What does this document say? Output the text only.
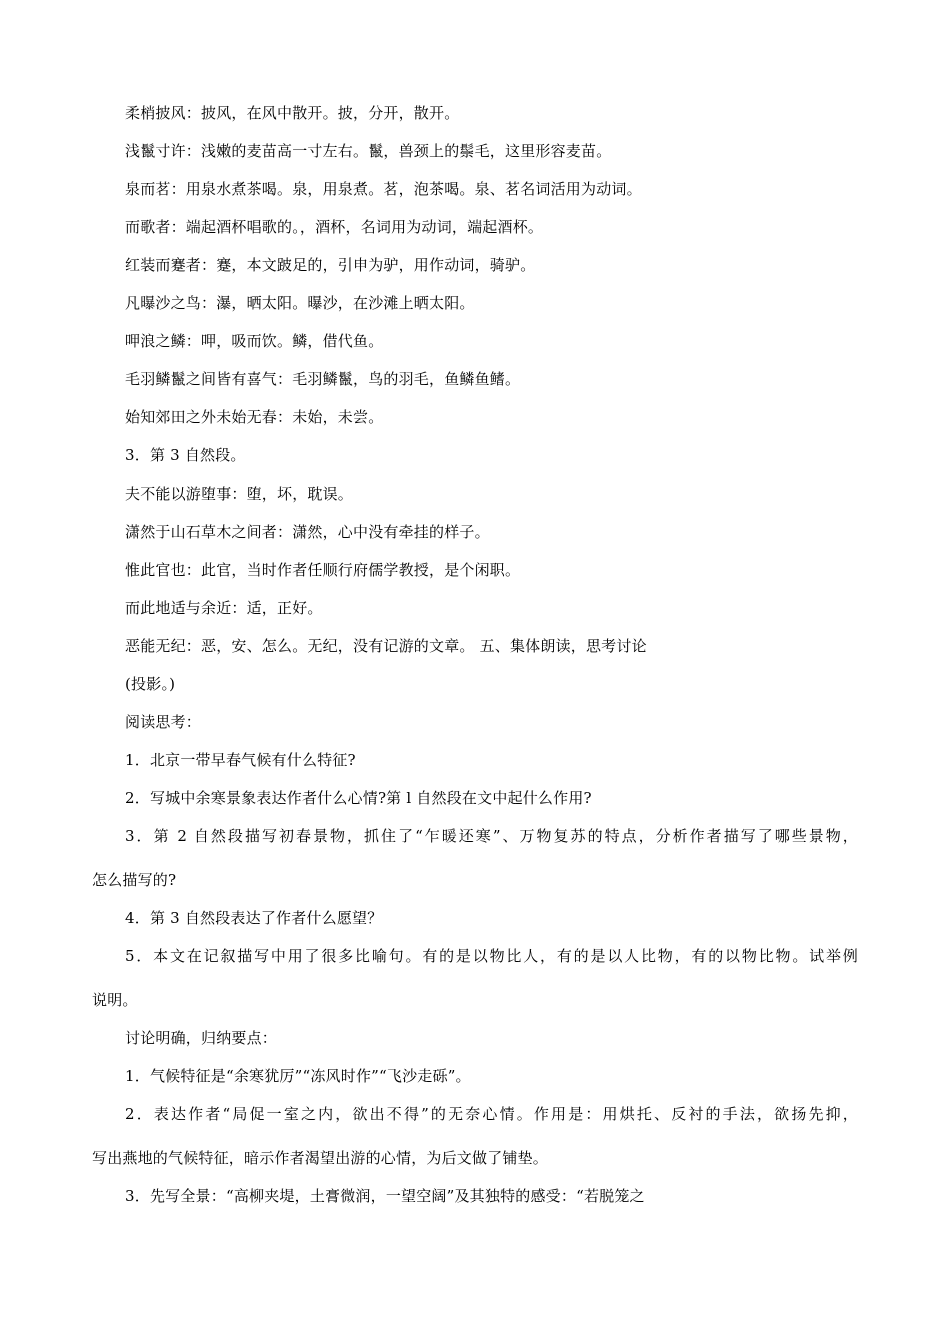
柔梢披风：披风，在风中散开。披，分开，散开。
浅鬣寸许：浅嫩的麦苗高一寸左右。鬣，兽颈上的鬃毛，这里形容麦苗。
泉而茗：用泉水煮茶喝。泉，用泉煮。茗，泡茶喝。泉、茗名词活用为动词。
而歌者：端起酒杯唱歌的。，酒杯，名词用为动词，端起酒杯。
红装而蹇者：蹇，本文跛足的，引申为驴，用作动词，骑驴。
凡曝沙之鸟：瀑，晒太阳。曝沙，在沙滩上晒太阳。
呷浪之鳞：呷，吸而饮。鳞，借代鱼。
毛羽鳞鬣之间皆有喜气：毛羽鳞鬣，鸟的羽毛，鱼鳞鱼鳍。
始知郊田之外未始无春：未始，未尝。
3．第 3 自然段。
夫不能以游堕事：堕，坏，耽误。
潇然于山石草木之间者：潇然，心中没有牵挂的样子。
惟此官也：此官，当时作者任顺行府儒学教授，是个闲职。
而此地适与余近：适，正好。
恶能无纪：恶，安、怎么。无纪，没有记游的文章。 五、集体朗读，思考讨论
(投影。)
阅读思考：
1．北京一带早春气候有什么特征?
2．写城中余寒景象表达作者什么心情?第 l 自然段在文中起什么作用?
3．第 2 自然段描写初春景物，抓住了“乍暖还寒”、万物复苏的特点，分析作者描写了哪些景物，
怎么描写的?
4．第 3 自然段表达了作者什么愿望？
5．本文在记叙描写中用了很多比喻句。有的是以物比人，有的是以人比物，有的以物比物。试举例
说明。
讨论明确，归纳要点：
1．气候特征是“余寒犹厉”“冻风时作”“飞沙走砾”。
2．表达作者“局促一室之内，欲出不得”的无奈心情。作用是：用烘托、反衬的手法，欲扬先抑，
写出燕地的气候特征，暗示作者渴望出游的心情，为后文做了铺垫。
3．先写全景：“高柳夹堤，土膏微润，一望空阔”及其独特的感受：“若脱笼之
